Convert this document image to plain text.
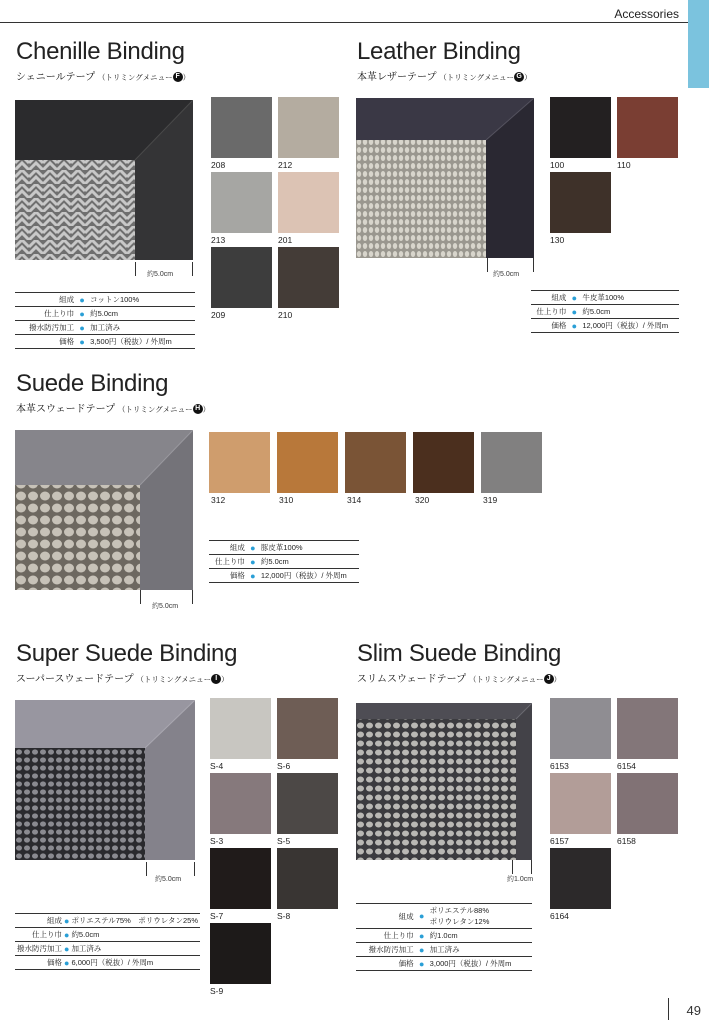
Accessories
Chenille Binding
シェニールテープ （トリミングメニュー F ）
約5.0cm
組成	●	コットン100%
仕上り巾	●	約5.0cm
撥水防汚加工	●	加工済み
価格	●	3,500円（税抜）/ 外周m
208	212
213	201
209	210
Leather Binding
本革レザーテープ （トリミングメニュー G ）
約5.0cm
組成	●	牛皮革100%
仕上り巾	●	約5.0cm
価格	●	12,000円（税抜）/ 外周m
100	110
130
Suede Binding
本革スウェードテープ （トリミングメニュー H ）
約5.0cm
組成	●	豚皮革100%
仕上り巾	●	約5.0cm
価格	●	12,000円（税抜）/ 外周m
312	310	314	320	319
Super Suede Binding
スーパースウェードテープ （トリミングメニュー I ）
約5.0cm
組成	●	ポリエステル75%　ポリウレタン25%
仕上り巾	●	約5.0cm
撥水防汚加工	●	加工済み
価格	●	6,000円（税抜）/ 外周m
S-4	S-6
S-3	S-5
S-7	S-8
S-9
Slim Suede Binding
スリムスウェードテープ （トリミングメニュー J ）
約1.0cm
組成	●	ポリエステル88%
ポリウレタン12%

仕上り巾	●	約1.0cm
撥水防汚加工	●	加工済み
価格	●	3,000円（税抜）/ 外周m
6153	6154
6157	6158
6164
49
